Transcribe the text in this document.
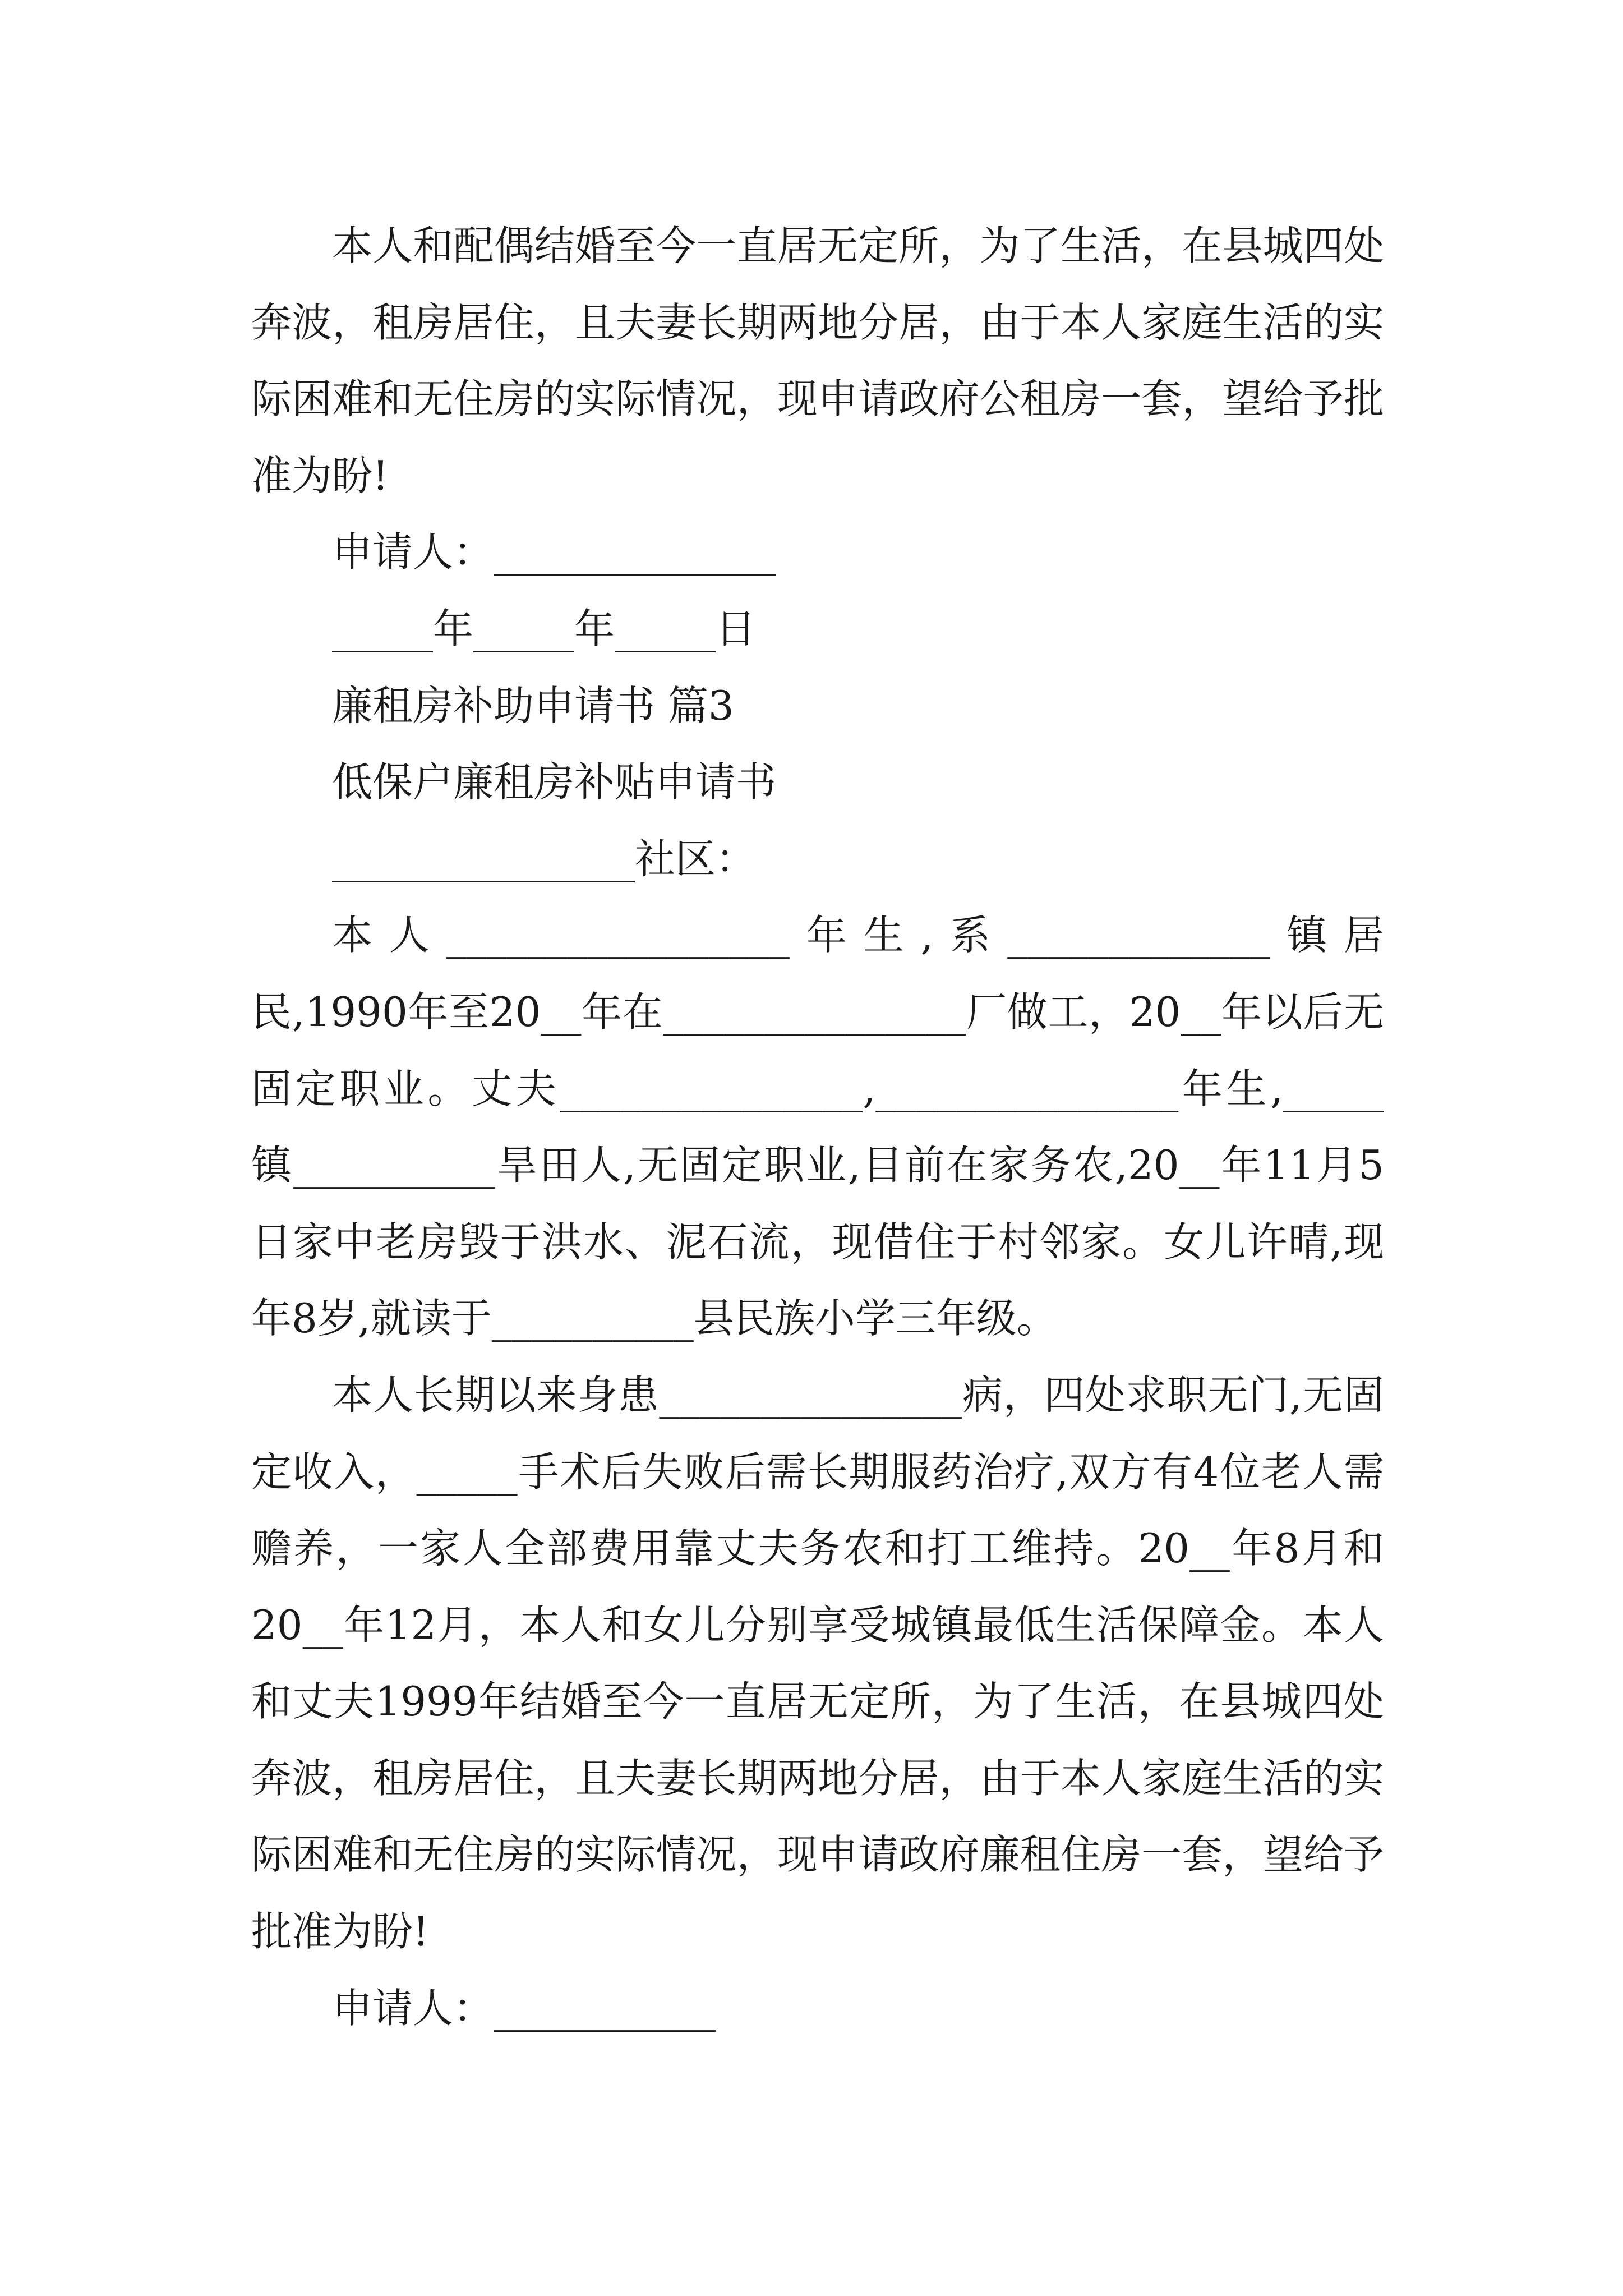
本人和配偶结婚至今一直居无定所，为了生活，在县城四处奔波，租房居住，且夫妻长期两地分居，由于本人家庭生活的实际困难和无住房的实际情况，现申请政府公租房一套，望给予批准为盼!

申请人：______________

_____年_____年_____日

廉租房补助申请书 篇3

低保户廉租房补贴申请书

_______________社区：

本人_________________年生,系_____________镇居民,1990年至20__年在_______________厂做工，20__年以后无固定职业。丈夫_______________,_______________年生,_____镇__________旱田人,无固定职业,目前在家务农,20__年11月5日家中老房毁于洪水、泥石流，现借住于村邻家。女儿许晴,现年8岁,就读于__________县民族小学三年级。

本人长期以来身患_______________病，四处求职无门,无固定收入，_____手术后失败后需长期服药治疗,双方有4位老人需赡养，一家人全部费用靠丈夫务农和打工维持。20__年8月和20__年12月，本人和女儿分别享受城镇最低生活保障金。本人和丈夫1999年结婚至今一直居无定所，为了生活，在县城四处奔波，租房居住，且夫妻长期两地分居，由于本人家庭生活的实际困难和无住房的实际情况，现申请政府廉租住房一套，望给予批准为盼!

申请人：___________
